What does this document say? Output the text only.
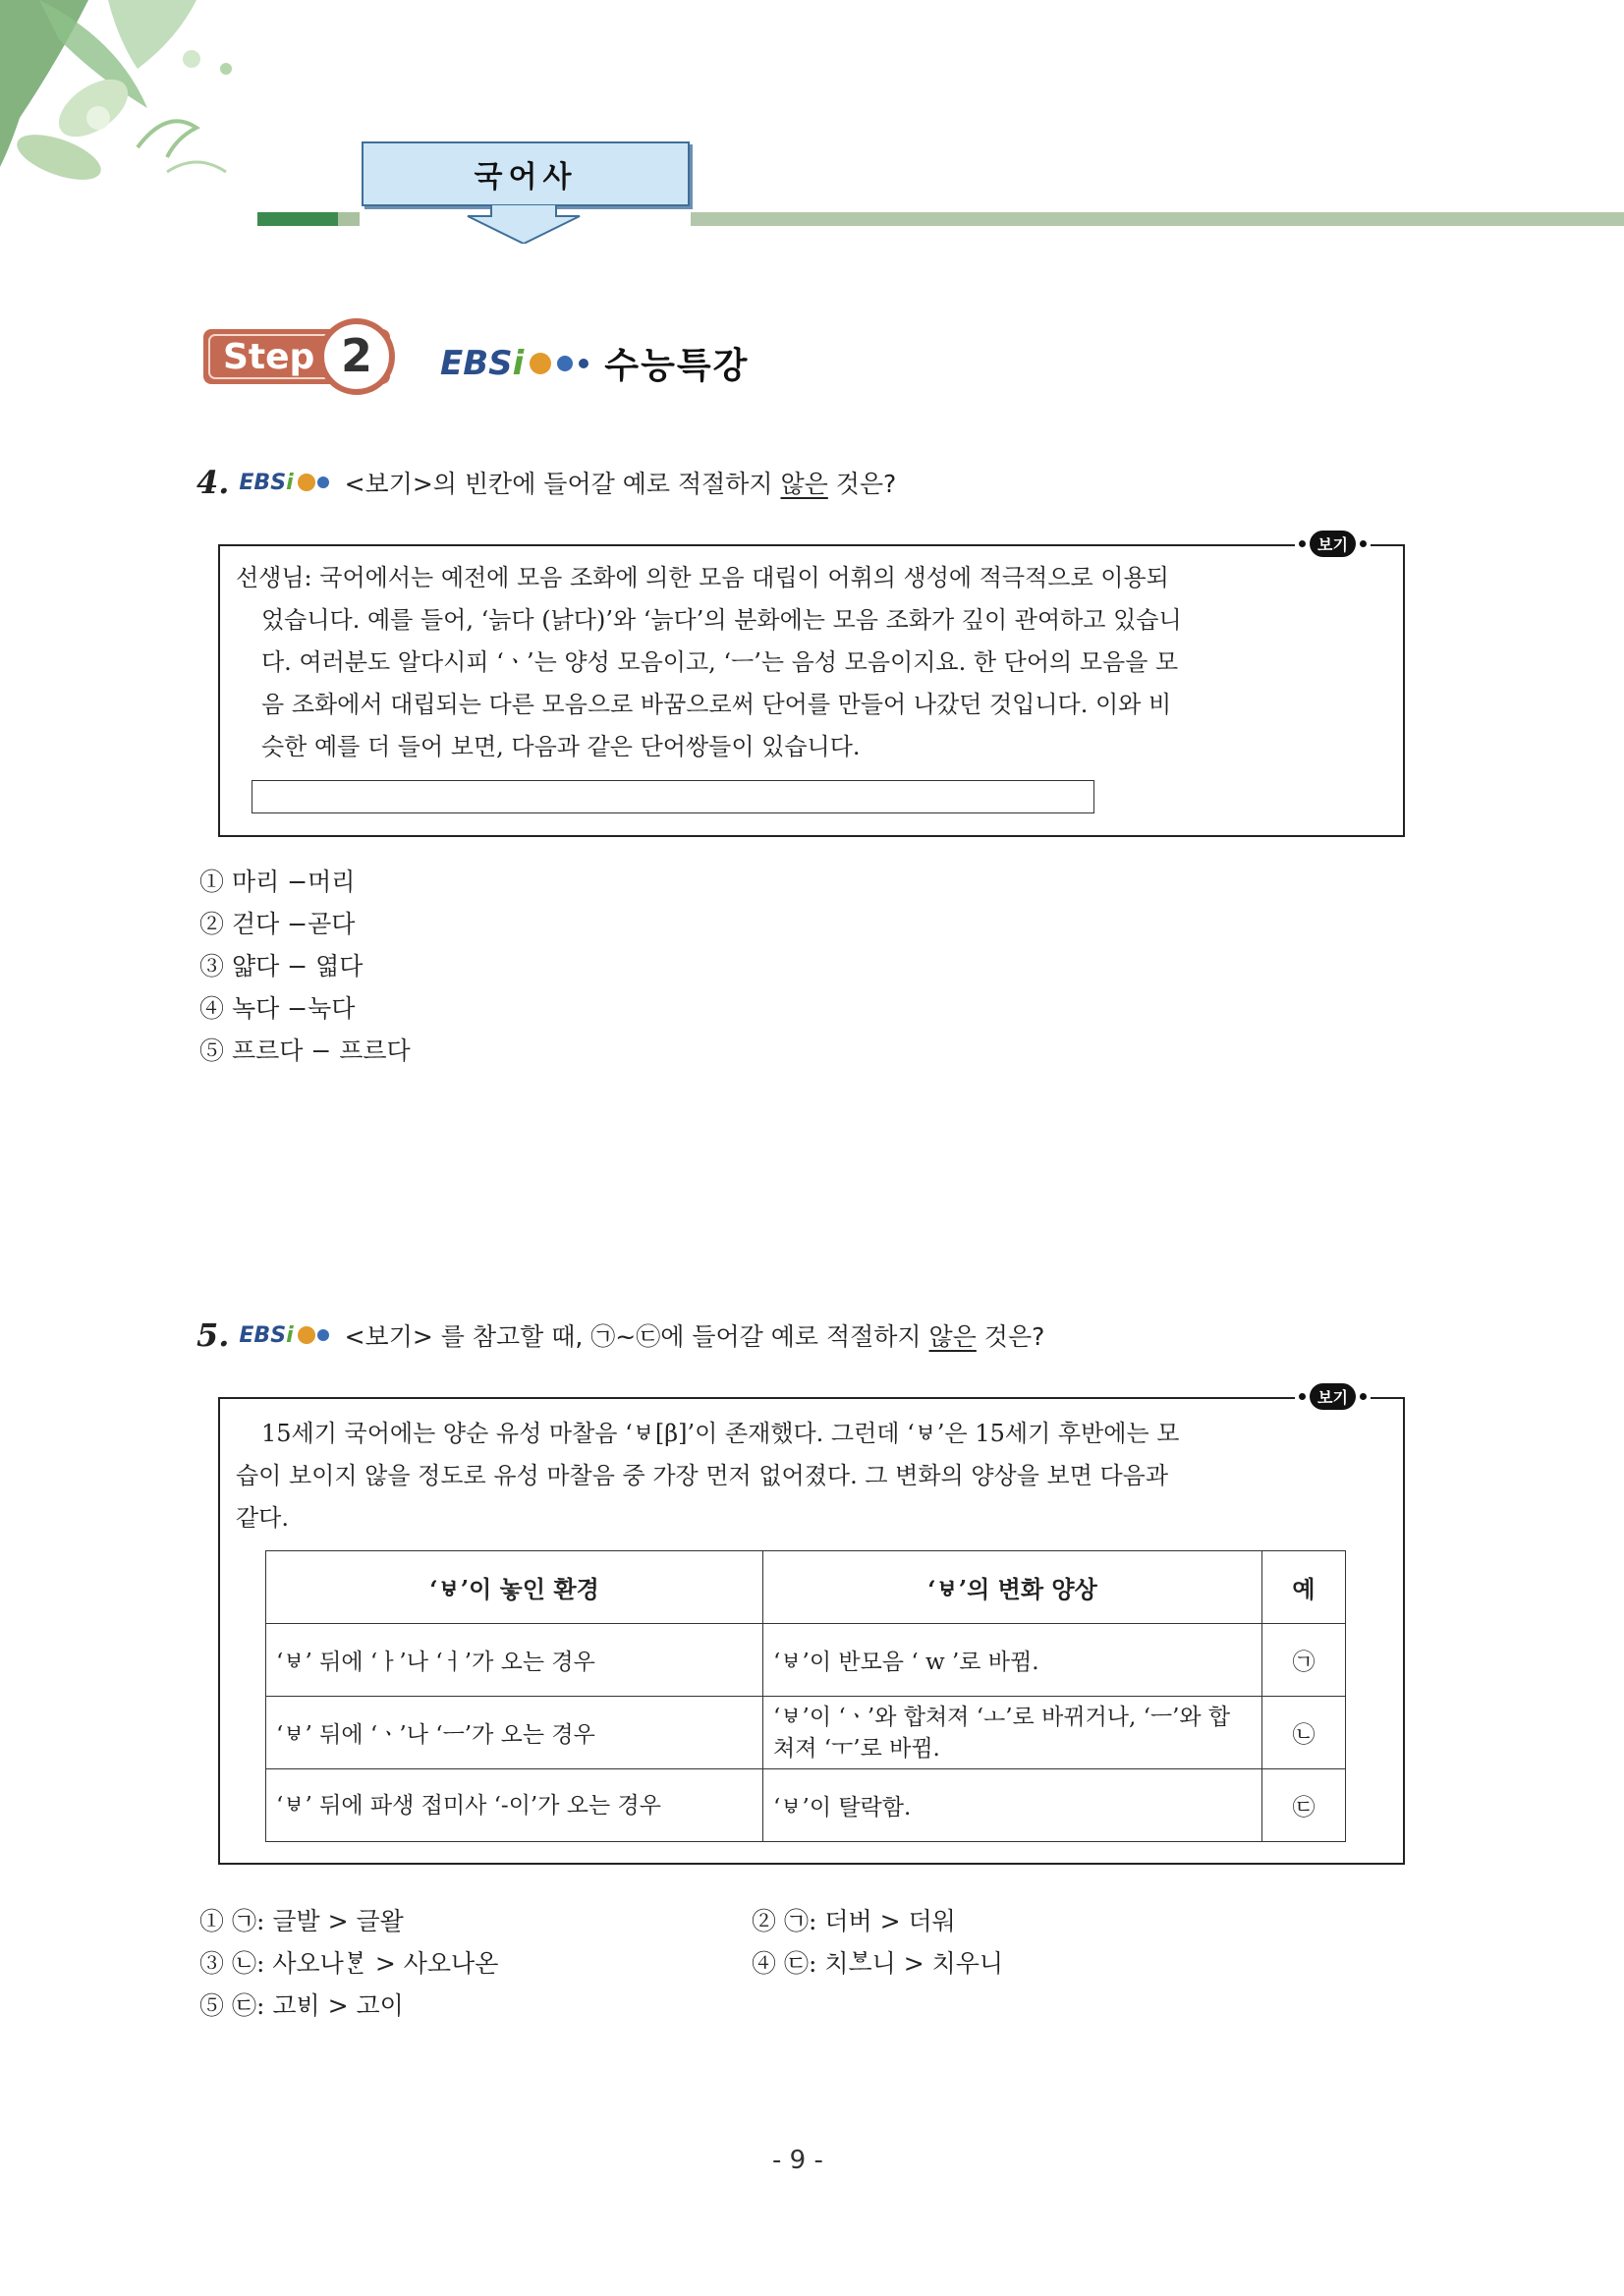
국어사
Step 2 EBSi 수능특강
4. EBSi <보기>의 빈칸에 들어갈 예로 적절하지 않은 것은?
보기
선생님: 국어에서는 예전에 모음 조화에 의한 모음 대립이 어휘의 생성에 적극적으로 이용되
었습니다. 예를 들어, ‘늙다 (낡다)’와 ‘늙다’의 분화에는 모음 조화가 깊이 관여하고 있습니
다. 여러분도 알다시피 ‘ㆍ’는 양성 모음이고, ‘ㅡ’는 음성 모음이지요. 한 단어의 모음을 모
음 조화에서 대립되는 다른 모음으로 바꿈으로써 단어를 만들어 나갔던 것입니다. 이와 비
슷한 예를 더 들어 보면, 다음과 같은 단어쌍들이 있습니다.
① 마리 −머리
② 걷다 −곧다
③ 얇다 − 엷다
④ 녹다 −눅다
⑤ 프르다 − 프르다
5. EBSi <보기> 를 참고할 때, ㉠~㉢에 들어갈 예로 적절하지 않은 것은?
보기
15세기 국어에는 양순 유성 마찰음 ‘ㅸ[β]’이 존재했다. 그런데 ‘ㅸ’은 15세기 후반에는 모
습이 보이지 않을 정도로 유성 마찰음 중 가장 먼저 없어졌다. 그 변화의 양상을 보면 다음과
같다.
‘ㅸ’이 놓인 환경	‘ㅸ’의 변화 양상	예
‘ㅸ’ 뒤에 ‘ㅏ’나 ‘ㅓ’가 오는 경우	‘ㅸ’이 반모음 ‘ w ’로 바뀜.	㉠
‘ㅸ’ 뒤에 ‘ㆍ’나 ‘ㅡ’가 오는 경우	‘ㅸ’이 ‘ㆍ’와 합쳐져 ‘ㅗ’로 바뀌거나, ‘ㅡ’와 합쳐져 ‘ㅜ’로 바뀜.	㉡
‘ㅸ’ 뒤에 파생 접미사 ‘-이’가 오는 경우	‘ㅸ’이 탈락함.	㉢
① ㉠: 글발 > 글왈	② ㉠: 더버 > 더워
③ ㉡: 사오나ᄫᆞᆫ > 사오나온	④ ㉢: 치ᄫᅳ니 > 치우니
⑤ ㉢: 고ᄫᅵ > 고이
- 9 -
